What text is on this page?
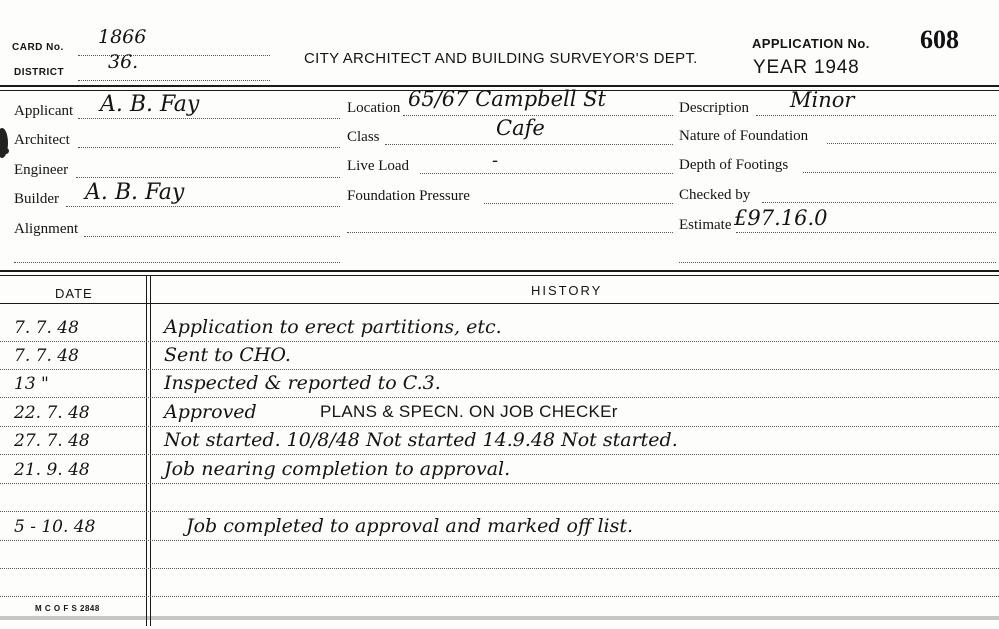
CARD No. 1866
DISTRICT 36.	CITY ARCHITECT AND BUILDING SURVEYOR'S DEPT.
APPLICATION No. 608
YEAR 1948
Applicant A. B. Fay
Architect
Engineer
Builder A. B. Fay
Alignment
Location 65/67 Campbell St
Class	Cafe
Live Load	-
Foundation Pressure
Description Minor
Nature of Foundation
Depth of Footings
Checked by
Estimate £97.16.0
DATE	HISTORY
7. 7. 48	Application to erect partitions, etc.
7. 7. 48	Sent to CHO.
13 "	Inspected & reported to C.3.
22. 7. 48	Approved	PLANS & SPECN. ON JOB CHECKEr
27. 7. 48	Not started. 10/8/48 Not started 14.9.48 Not started.
21. 9. 48	Job nearing completion to approval.
5 - 10. 48	Job completed to approval and marked off list.
M C O F S 2848
